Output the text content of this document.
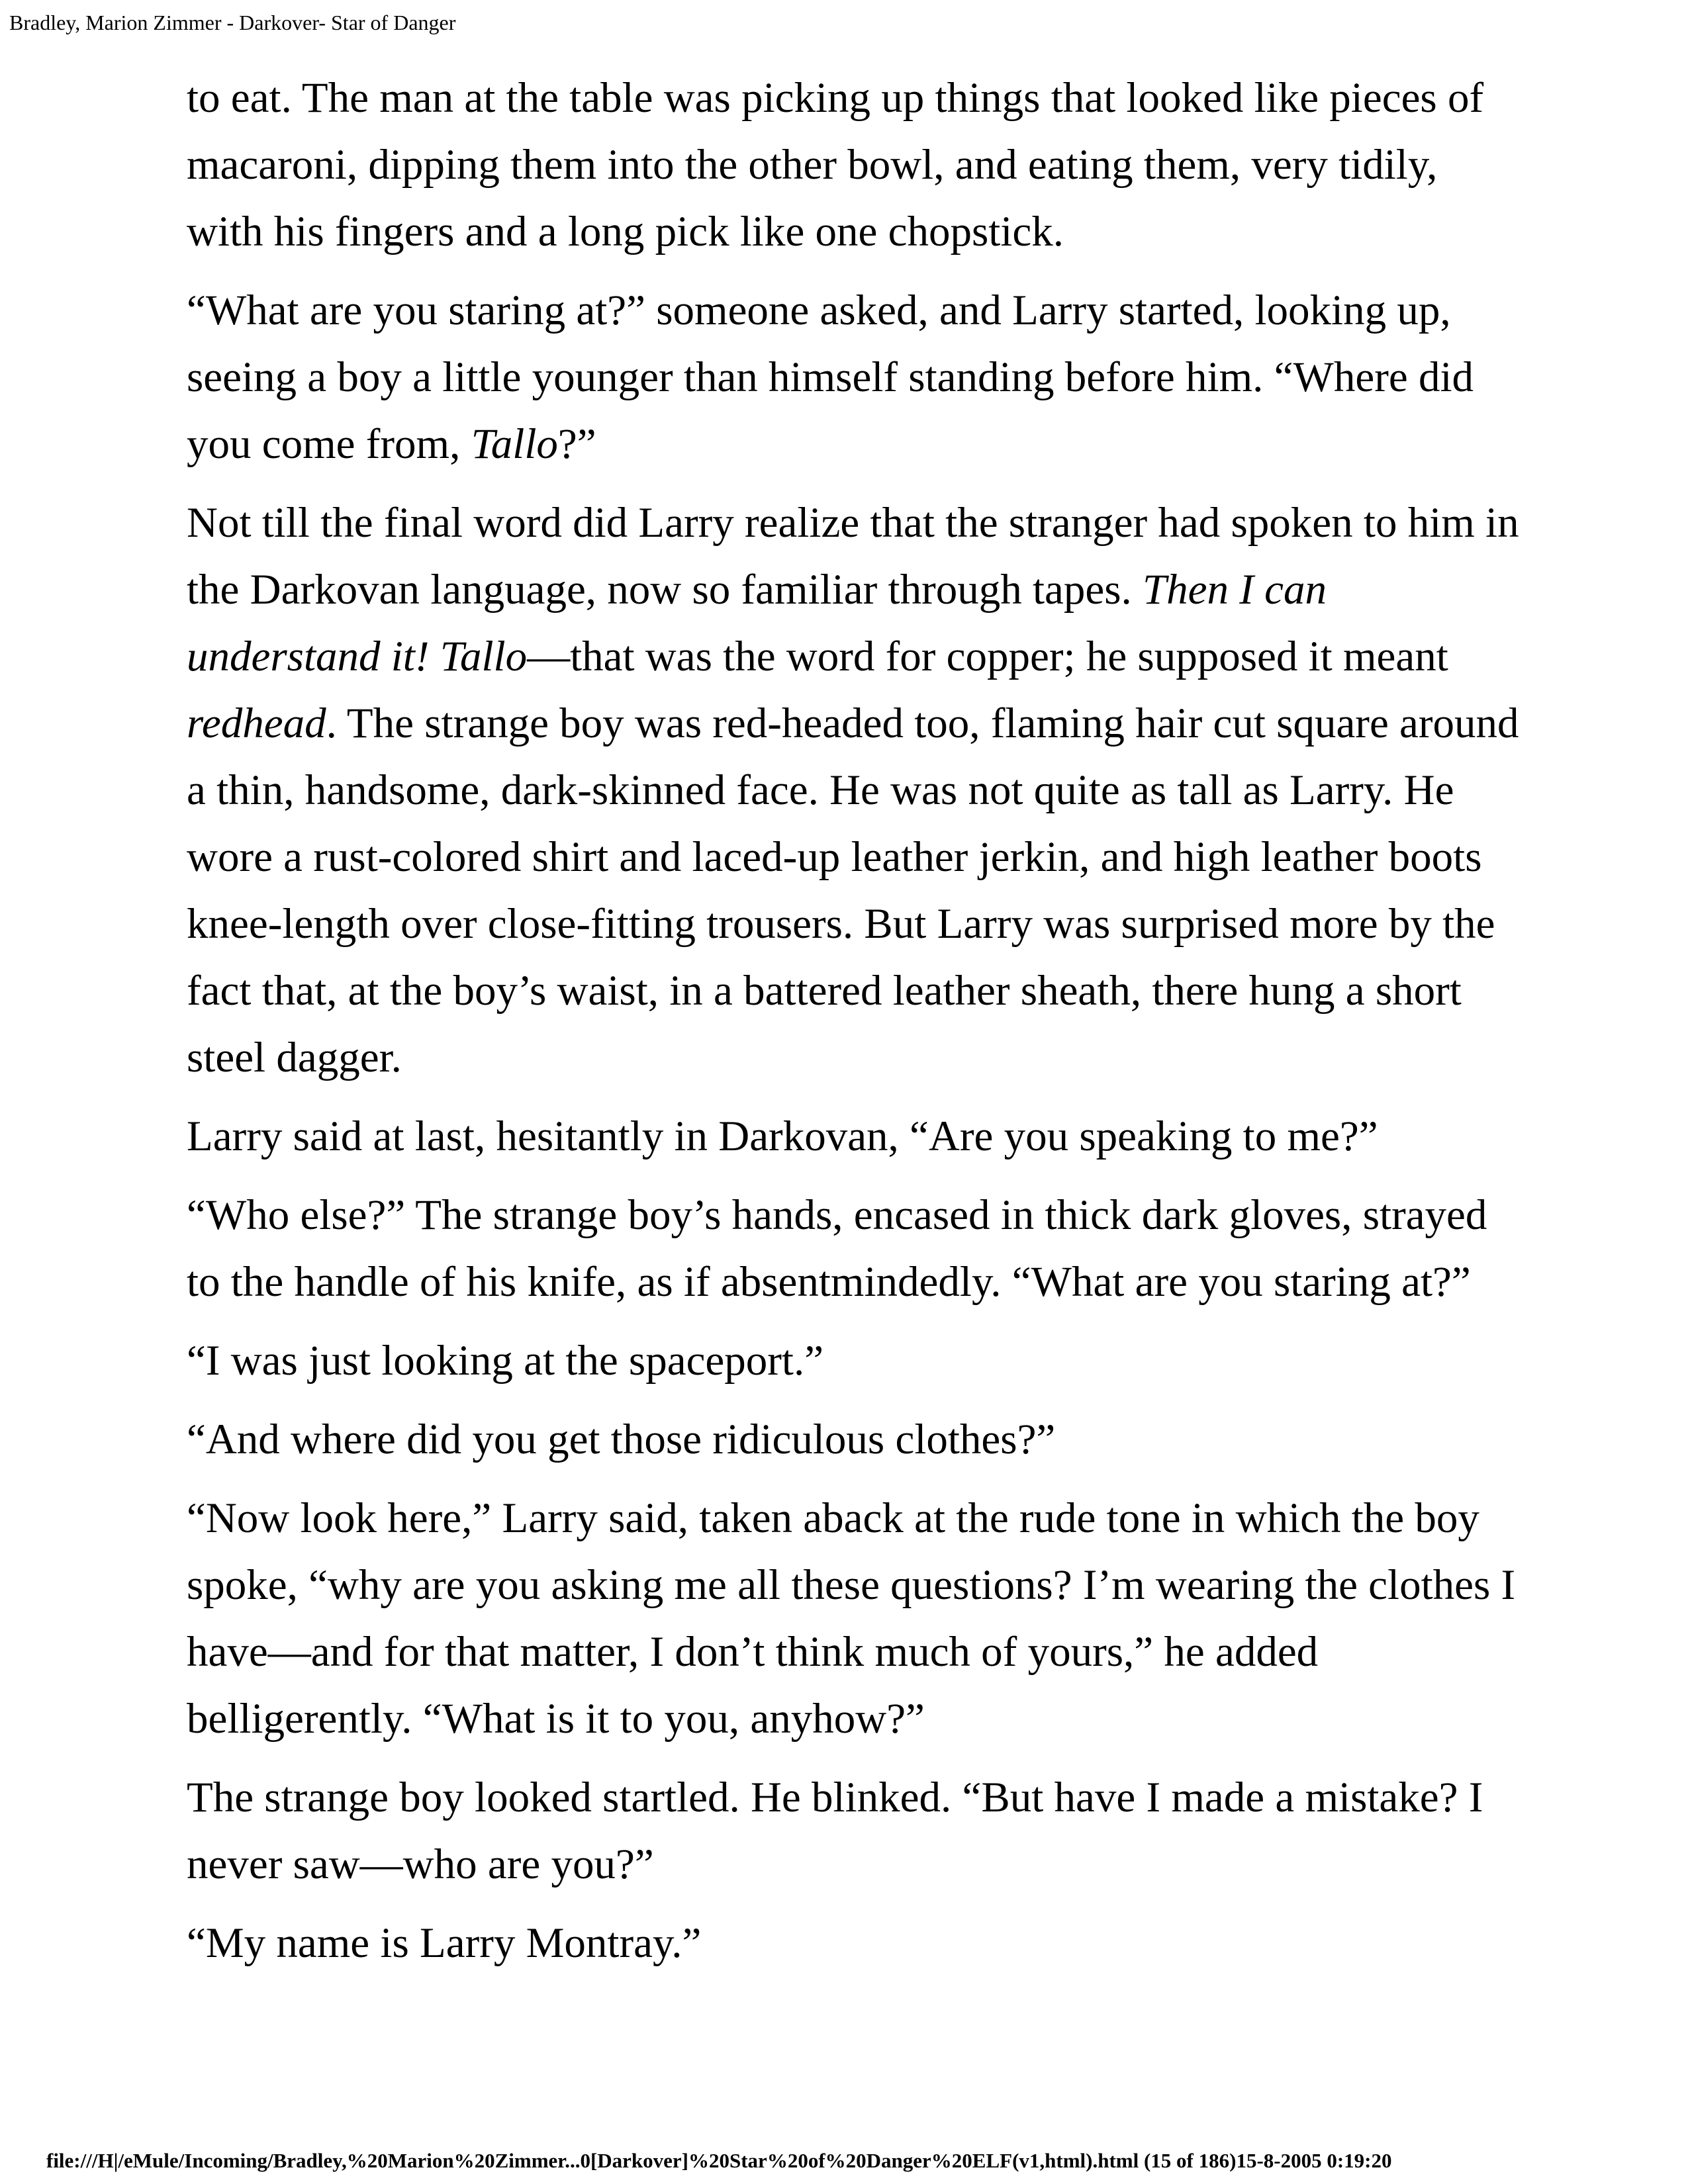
Bradley, Marion Zimmer - Darkover- Star of Danger

to eat. The man at the table was picking up things that looked like pieces of macaroni, dipping them into the other bowl, and eating them, very tidily, with his fingers and a long pick like one chopstick.

“What are you staring at?” someone asked, and Larry started, looking up, seeing a boy a little younger than himself standing before him. “Where did you come from, Tallo?”

Not till the final word did Larry realize that the stranger had spoken to him in the Darkovan language, now so familiar through tapes. Then I can understand it! Tallo—that was the word for copper; he supposed it meant redhead. The strange boy was red-headed too, flaming hair cut square around a thin, handsome, dark-skinned face. He was not quite as tall as Larry. He wore a rust-colored shirt and laced-up leather jerkin, and high leather boots knee-length over close-fitting trousers. But Larry was surprised more by the fact that, at the boy’s waist, in a battered leather sheath, there hung a short steel dagger.

Larry said at last, hesitantly in Darkovan, “Are you speaking to me?”

“Who else?” The strange boy’s hands, encased in thick dark gloves, strayed to the handle of his knife, as if absentmindedly. “What are you staring at?”

“I was just looking at the spaceport.”

“And where did you get those ridiculous clothes?”

“Now look here,” Larry said, taken aback at the rude tone in which the boy spoke, “why are you asking me all these questions? I’m wearing the clothes I have—and for that matter, I don’t think much of yours,” he added belligerently. “What is it to you, anyhow?”

The strange boy looked startled. He blinked. “But have I made a mistake? I never saw—who are you?”

“My name is Larry Montray.”

file:///H|/eMule/Incoming/Bradley,%20Marion%20Zimmer...0[Darkover]%20Star%20of%20Danger%20ELF(v1,html).html (15 of 186)15-8-2005 0:19:20
